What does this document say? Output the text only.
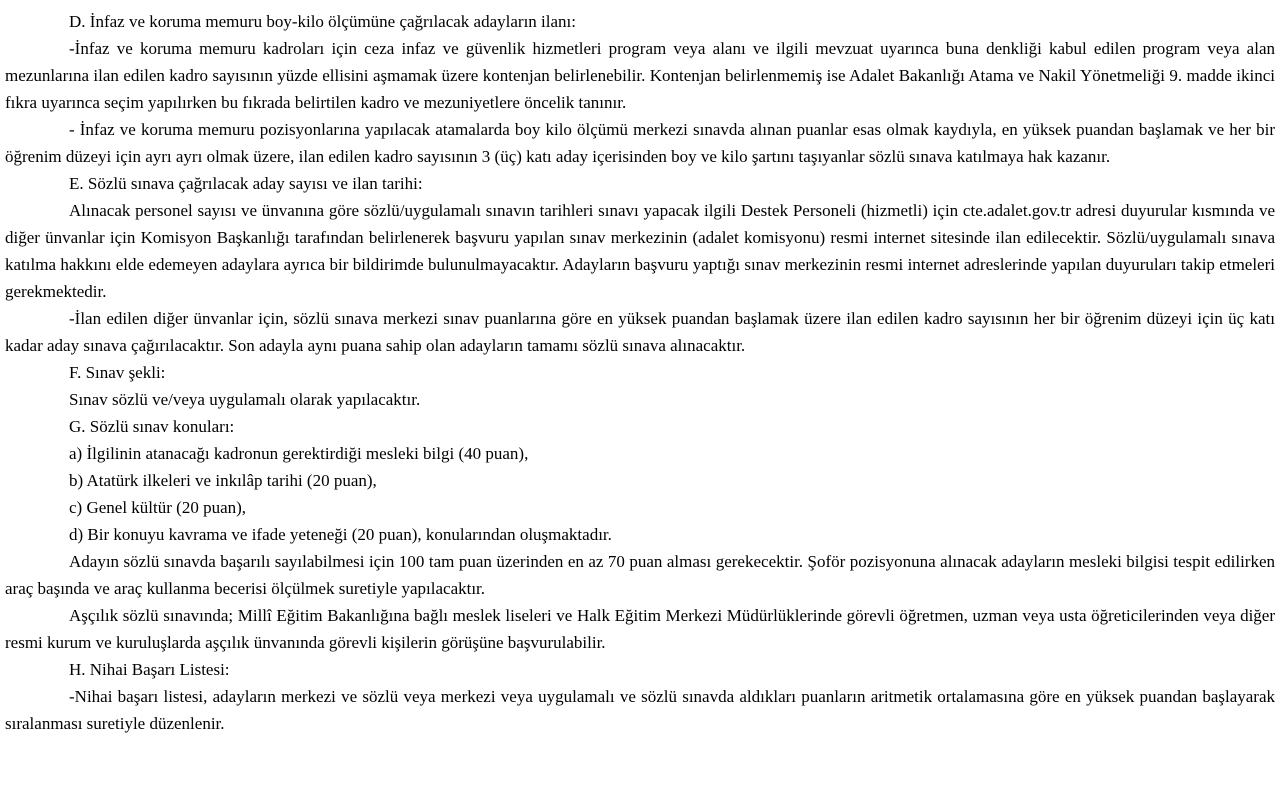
D. İnfaz ve koruma memuru boy-kilo ölçümüne çağrılacak adayların ilanı:

-İnfaz ve koruma memuru kadroları için ceza infaz ve güvenlik hizmetleri program veya alanı ve ilgili mevzuat uyarınca buna denkliği kabul edilen program veya alan mezunlarına ilan edilen kadro sayısının yüzde ellisini aşmamak üzere kontenjan belirlenebilir. Kontenjan belirlenmemiş ise Adalet Bakanlığı Atama ve Nakil Yönetmeliği 9. madde ikinci fıkra uyarınca seçim yapılırken bu fıkrada belirtilen kadro ve mezuniyetlere öncelik tanınır.

- İnfaz ve koruma memuru pozisyonlarına yapılacak atamalarda boy kilo ölçümü merkezi sınavda alınan puanlar esas olmak kaydıyla, en yüksek puandan başlamak ve her bir öğrenim düzeyi için ayrı ayrı olmak üzere, ilan edilen kadro sayısının 3 (üç) katı aday içerisinden boy ve kilo şartını taşıyanlar sözlü sınava katılmaya hak kazanır.

E. Sözlü sınava çağrılacak aday sayısı ve ilan tarihi:

Alınacak personel sayısı ve ünvanına göre sözlü/uygulamalı sınavın tarihleri sınavı yapacak ilgili Destek Personeli (hizmetli) için cte.adalet.gov.tr adresi duyurular kısmında ve diğer ünvanlar için Komisyon Başkanlığı tarafından belirlenerek başvuru yapılan sınav merkezinin (adalet komisyonu) resmi internet sitesinde ilan edilecektir. Sözlü/uygulamalı sınava katılma hakkını elde edemeyen adaylara ayrıca bir bildirimde bulunulmayacaktır. Adayların başvuru yaptığı sınav merkezinin resmi internet adreslerinde yapılan duyuruları takip etmeleri gerekmektedir.

-İlan edilen diğer ünvanlar için, sözlü sınava merkezi sınav puanlarına göre en yüksek puandan başlamak üzere ilan edilen kadro sayısının her bir öğrenim düzeyi için üç katı kadar aday sınava çağırılacaktır. Son adayla aynı puana sahip olan adayların tamamı sözlü sınava alınacaktır.

F. Sınav şekli:

Sınav sözlü ve/veya uygulamalı olarak yapılacaktır.

G. Sözlü sınav konuları:

a) İlgilinin atanacağı kadronun gerektirdiği mesleki bilgi (40 puan),

b) Atatürk ilkeleri ve inkılâp tarihi (20 puan),

c) Genel kültür (20 puan),

d) Bir konuyu kavrama ve ifade yeteneği (20 puan), konularından oluşmaktadır.

Adayın sözlü sınavda başarılı sayılabilmesi için 100 tam puan üzerinden en az 70 puan alması gerekecektir. Şoför pozisyonuna alınacak adayların mesleki bilgisi tespit edilirken araç başında ve araç kullanma becerisi ölçülmek suretiyle yapılacaktır.

Aşçılık sözlü sınavında; Millî Eğitim Bakanlığına bağlı meslek liseleri ve Halk Eğitim Merkezi Müdürlüklerinde görevli öğretmen, uzman veya usta öğreticilerinden veya diğer resmi kurum ve kuruluşlarda aşçılık ünvanında görevli kişilerin görüşüne başvurulabilir.

H. Nihai Başarı Listesi:

-Nihai başarı listesi, adayların merkezi ve sözlü veya merkezi veya uygulamalı ve sözlü sınavda aldıkları puanların aritmetik ortalamasına göre en yüksek puandan başlayarak sıralanması suretiyle düzenlenir.
